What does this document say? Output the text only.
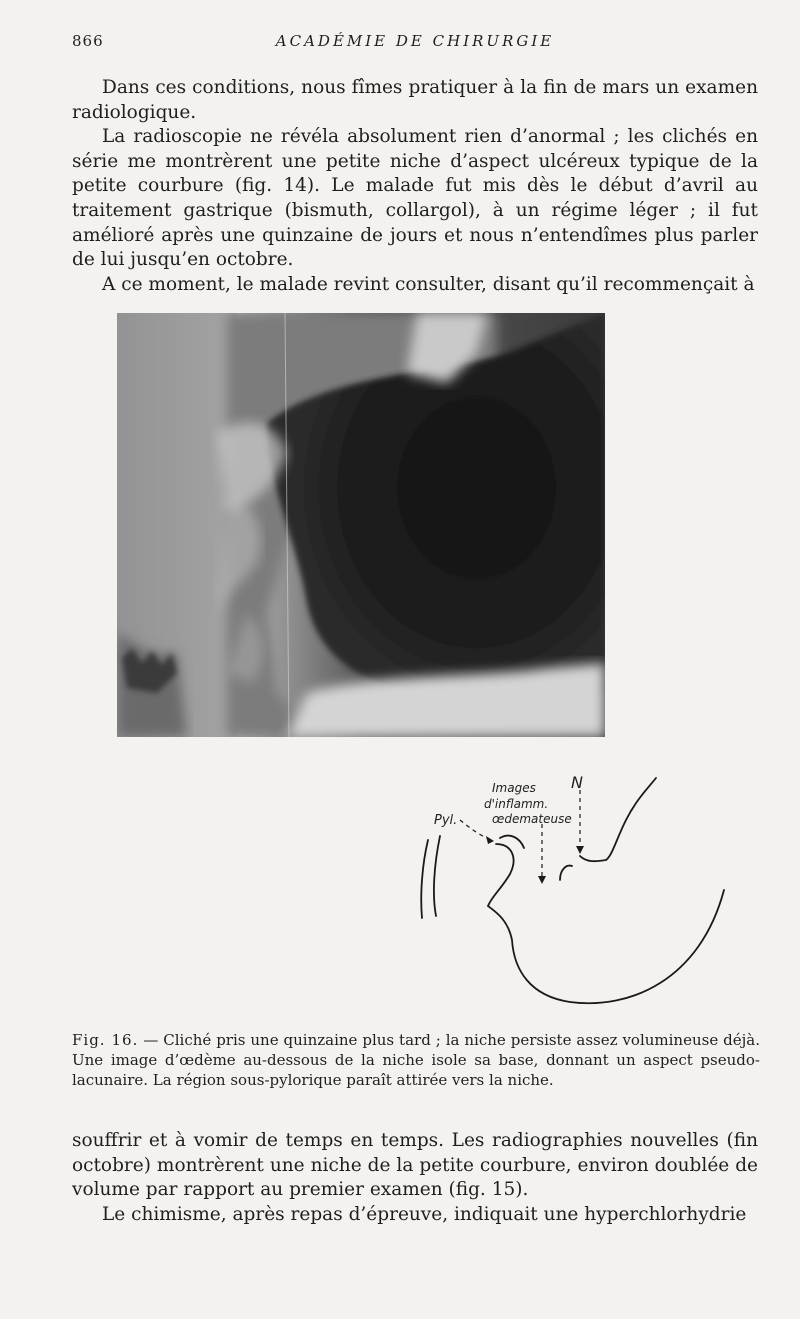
866	ACADÉMIE DE CHIRURGIE

Dans ces conditions, nous fîmes pratiquer à la fin de mars un examen radiologique.

La radioscopie ne révéla absolument rien d’anormal ; les clichés en série me montrèrent une petite niche d’aspect ulcéreux typique de la petite courbure (fig. 14). Le malade fut mis dès le début d’avril au traitement gastrique (bismuth, collargol), à un régime léger ; il fut amélioré après une quinzaine de jours et nous n’entendîmes plus parler de lui jusqu’en octobre.

A ce moment, le malade revint consulter, disant qu’il recommençait à

N
Images
d'inflamm.
œdemateuse
Pyl.
Fig. 16. — Cliché pris une quinzaine plus tard ; la niche persiste assez volumineuse déjà. Une image d’œdème au-dessous de la niche isole sa base, donnant un aspect pseudo-lacunaire. La région sous-pylorique paraît attirée vers la niche.

souffrir et à vomir de temps en temps. Les radiographies nouvelles (fin octobre) montrèrent une niche de la petite courbure, environ doublée de volume par rapport au premier examen (fig. 15).

Le chimisme, après repas d’épreuve, indiquait une hyperchlorhydrie
